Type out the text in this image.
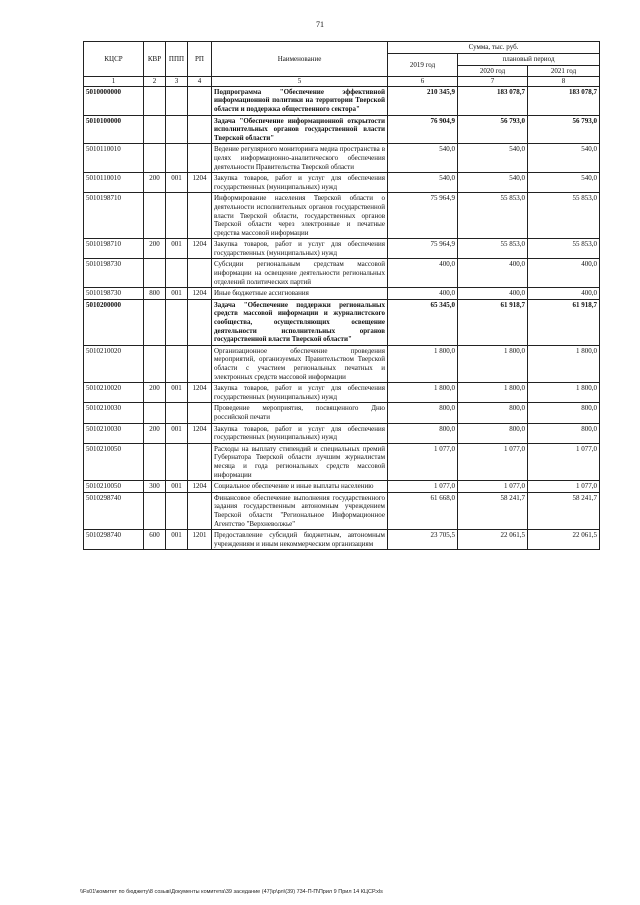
71
КЦСР	КВР	ППП	РП	Наименование	Сумма, тыс. руб.		
					2019 год	плановый период	
						2020 год	2021 год
1	2	3	4	5	6	7	8
5010000000				Подпрограмма "Обеспечение эффективной информационной политики на территории Тверской области и поддержка общественного сектора"	210 345,9	183 078,7	183 078,7
5010100000				Задача "Обеспечение информационной открытости исполнительных органов государственной власти Тверской области"	76 904,9	56 793,0	56 793,0
5010110010				Ведение регулярного мониторинга медиа пространства в целях информационно-аналитического обеспечения деятельности Правительства Тверской области	540,0	540,0	540,0
5010110010	200	001	1204	Закупка товаров, работ и услуг для обеспечения государственных (муниципальных) нужд	540,0	540,0	540,0
5010198710				Информирование населения Тверской области о деятельности исполнительных органов государственной власти Тверской области, государственных органов Тверской области через электронные и печатные средства массовой информации	75 964,9	55 853,0	55 853,0
5010198710	200	001	1204	Закупка товаров, работ и услуг для обеспечения государственных (муниципальных) нужд	75 964,9	55 853,0	55 853,0
5010198730				Субсидии региональным средствам массовой информации на освещение деятельности региональных отделений политических партий	400,0	400,0	400,0
5010198730	800	001	1204	Иные бюджетные ассигнования	400,0	400,0	400,0
5010200000				Задача "Обеспечение поддержки региональных средств массовой информации и журналистского сообщества, осуществляющих освещение деятельности исполнительных органов государственной власти Тверской области"	65 345,0	61 918,7	61 918,7
5010210020				Организационное обеспечение проведения мероприятий, организуемых Правительством Тверской области с участием региональных печатных и электронных средств массовой информации	1 800,0	1 800,0	1 800,0
5010210020	200	001	1204	Закупка товаров, работ и услуг для обеспечения государственных (муниципальных) нужд	1 800,0	1 800,0	1 800,0
5010210030				Проведение мероприятия, посвященного Дню российской печати	800,0	800,0	800,0
5010210030	200	001	1204	Закупка товаров, работ и услуг для обеспечения государственных (муниципальных) нужд	800,0	800,0	800,0
5010210050				Расходы на выплату стипендий и специальных премий Губернатора Тверской области лучшим журналистам месяца и года региональных средств массовой информации	1 077,0	1 077,0	1 077,0
5010210050	300	001	1204	Социальное обеспечение и иные выплаты населению	1 077,0	1 077,0	1 077,0
5010298740				Финансовое обеспечение выполнения государственного задания государственным автономным учреждением Тверской области "Региональное Информационное Агентство "Верхневолжье"	61 668,0	58 241,7	58 241,7
5010298740	600	001	1201	Предоставление субсидий бюджетным, автономным учреждениям и иным некоммерческим организациям	23 705,5	22 061,5	22 061,5
\\Fs01\комитет по бюджету\8 созыв\Документы комитета\39 заседание (47)\р\рл\(39) 734-П-П\Прил 9 Прил 14 КЦСР.xls
